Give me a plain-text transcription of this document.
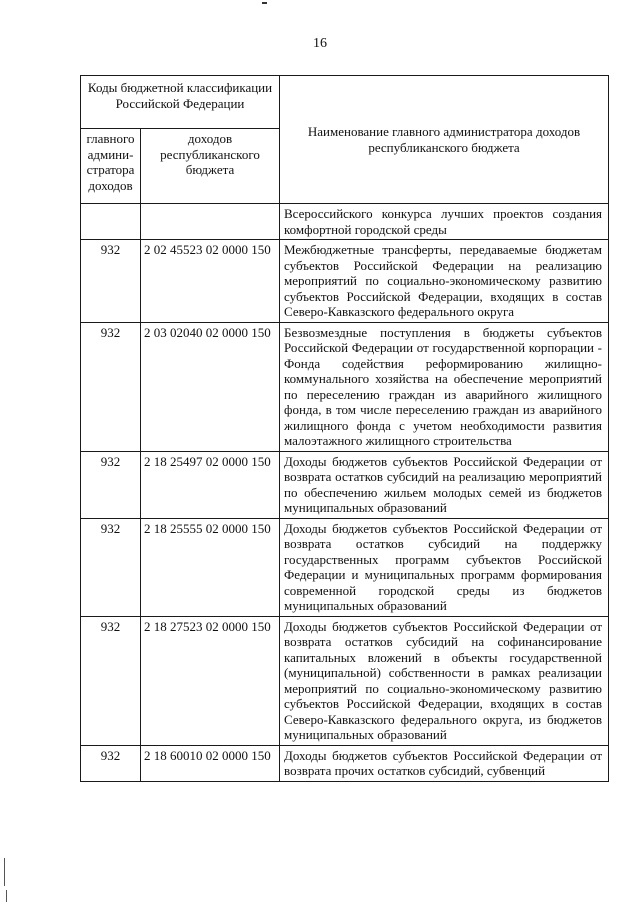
16
Коды бюджетной классификации Российской Федерации		Наименование главного администратора доходов республиканского бюджета
главного админи-стратора доходов	доходов республиканского бюджета	
		Всероссийского конкурса лучших проектов создания комфортной городской среды
932	2 02 45523 02 0000 150	Межбюджетные трансферты, передаваемые бюджетам субъектов Российской Федерации на реализацию мероприятий по социально-экономическому развитию субъектов Российской Федерации, входящих в состав Северо-Кавказского федерального округа
932	2 03 02040 02 0000 150	Безвозмездные поступления в бюджеты субъектов Российской Федерации от государственной корпорации - Фонда содействия реформированию жилищно-коммунального хозяйства на обеспечение мероприятий по переселению граждан из аварийного жилищного фонда, в том числе переселению граждан из аварийного жилищного фонда с учетом необходимости развития малоэтажного жилищного строительства
932	2 18 25497 02 0000 150	Доходы бюджетов субъектов Российской Федерации от возврата остатков субсидий на реализацию мероприятий по обеспечению жильем молодых семей из бюджетов муниципальных образований
932	2 18 25555 02 0000 150	Доходы бюджетов субъектов Российской Федерации от возврата остатков субсидий на поддержку государственных программ субъектов Российской Федерации и муниципальных программ формирования современной городской среды из бюджетов муниципальных образований
932	2 18 27523 02 0000 150	Доходы бюджетов субъектов Российской Федерации от возврата остатков субсидий на софинансирование капитальных вложений в объекты государственной (муниципальной) собственности в рамках реализации мероприятий по социально-экономическому развитию субъектов Российской Федерации, входящих в состав Северо-Кавказского федерального округа, из бюджетов муниципальных образований
932	2 18 60010 02 0000 150	Доходы бюджетов субъектов Российской Федерации от возврата прочих остатков субсидий, субвенций
